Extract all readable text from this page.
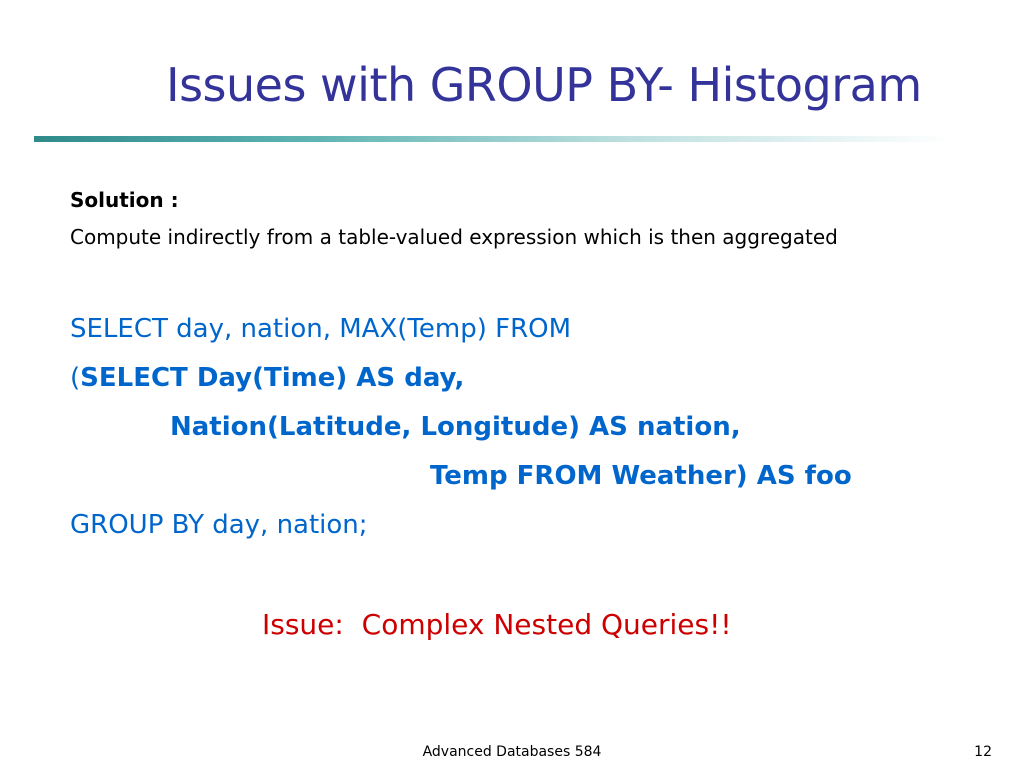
Issues with GROUP BY- Histogram
Solution :
Compute indirectly from a table-valued expression which is then aggregated
SELECT day, nation, MAX(Temp) FROM
(SELECT Day(Time) AS day,
Nation(Latitude, Longitude) AS nation,
Temp FROM Weather) AS foo
GROUP BY day, nation;
Issue:  Complex Nested Queries!!
Advanced Databases 584	12
